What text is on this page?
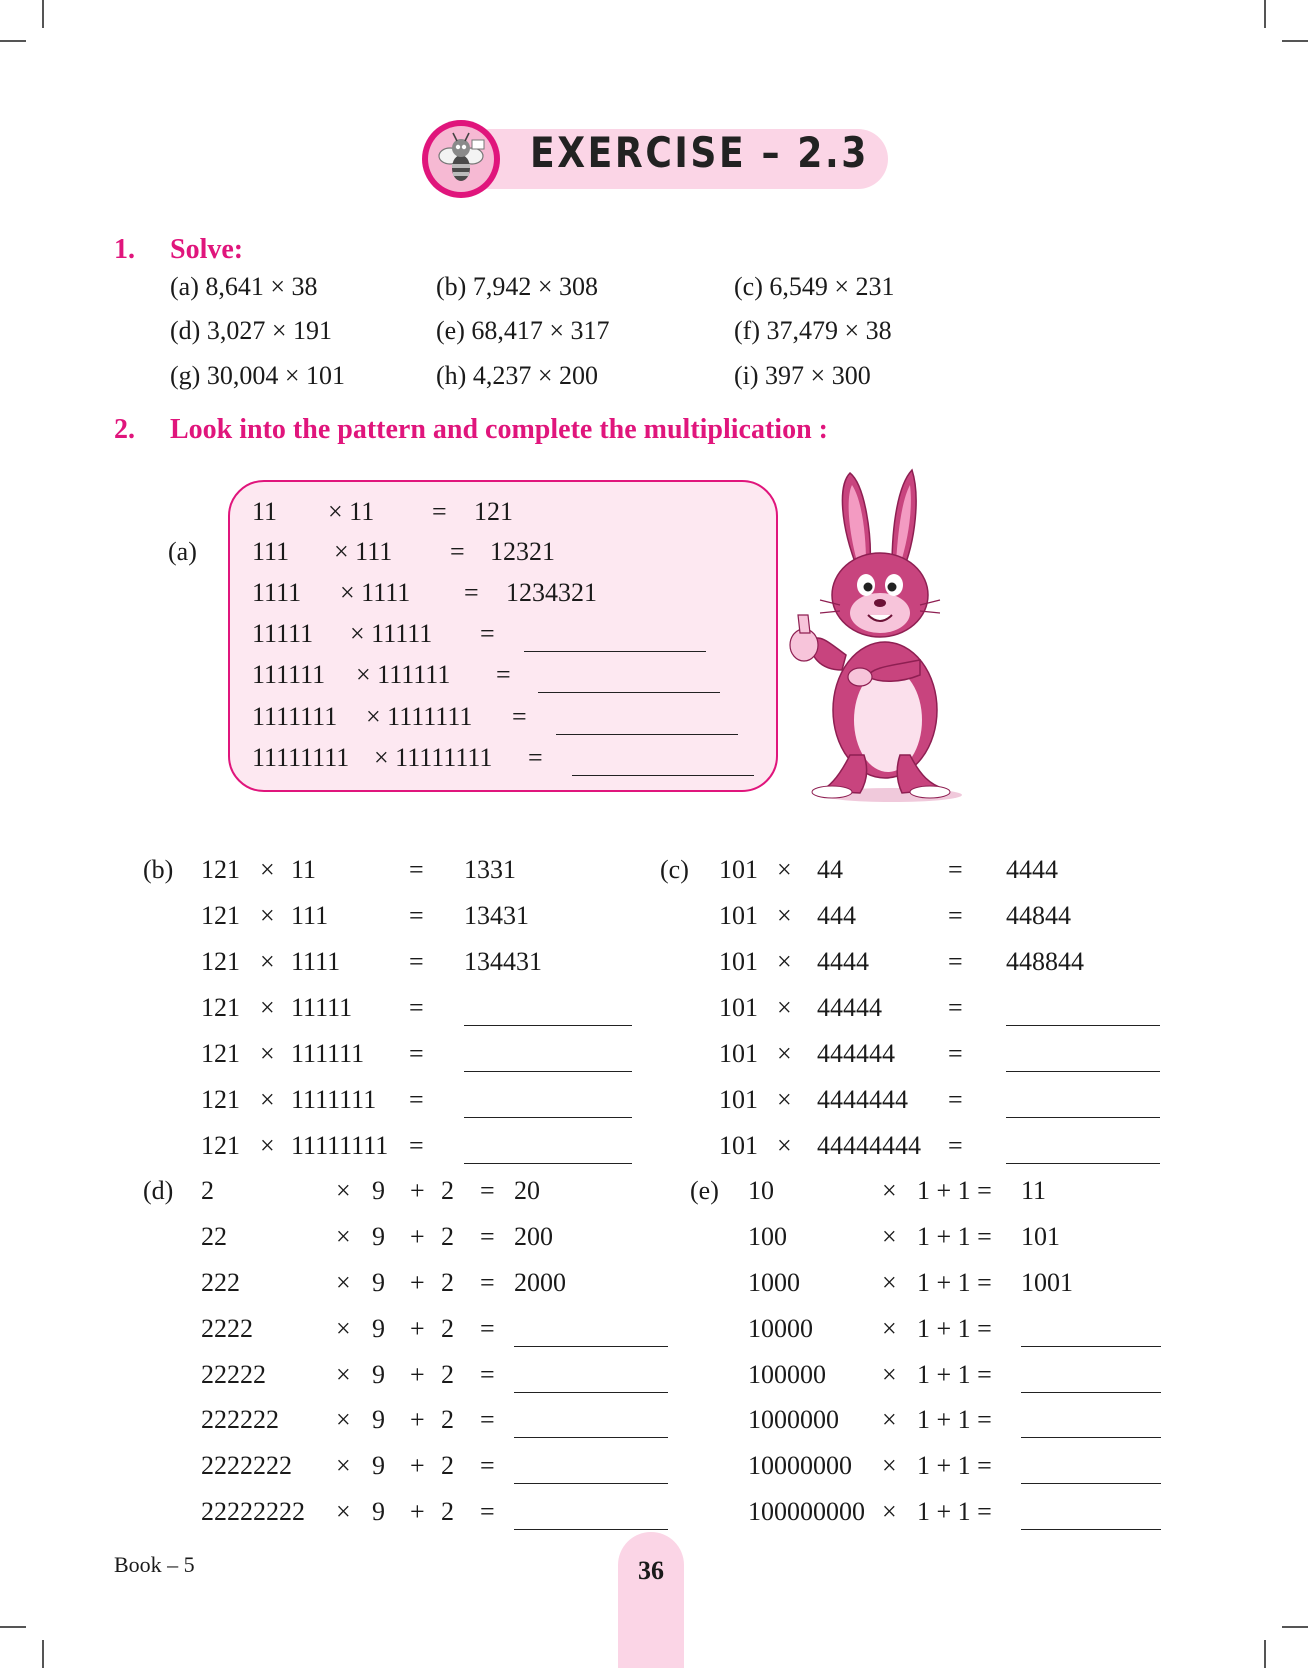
EXERCISE – 2.3
1. Solve:
(a) 8,641 × 38	(b) 7,942 × 308	(c) 6,549 × 231
(d) 3,027 × 191	(e) 68,417 × 317	(f) 37,479 × 38
(g) 30,004 × 101	(h) 4,237 × 200	(i) 397 × 300
2. Look into the pattern and complete the multiplication :
(a)
11 × 11 = 121
111 × 111 = 12321
1111 × 1111 = 1234321
11111 × 11111 =
111111 × 111111 =
1111111 × 1111111 =
11111111 × 11111111 =
(b)	(c)
(d)	(e)
121 × 11	= 1331	101 × 44	= 4444
121 × 111	= 13431	101 × 444	= 44844
121 × 1111	= 134431	101 × 4444	= 448844
121 × 11111 =	101 × 44444	=
121 × 111111 =	101 × 444444 =
121 × 1111111 =	101 × 4444444 =
121 × 11111111 =	101 × 44444444 =
2	× 9 + 2 = 20	10	× 1 + 1 = 11
22	× 9 + 2 = 200	100	× 1 + 1 = 101
222	× 9 + 2 = 2000	1000	× 1 + 1 = 1001
2222	× 9 + 2 =	10000	× 1 + 1 =
22222	× 9 + 2 =	100000 × 1 + 1 =
222222 × 9 + 2 =	1000000 × 1 + 1 =
2222222 × 9 + 2 =	10000000 × 1 + 1 =
22222222 × 9 + 2 =	100000000 × 1 + 1 =
Book – 5	36
